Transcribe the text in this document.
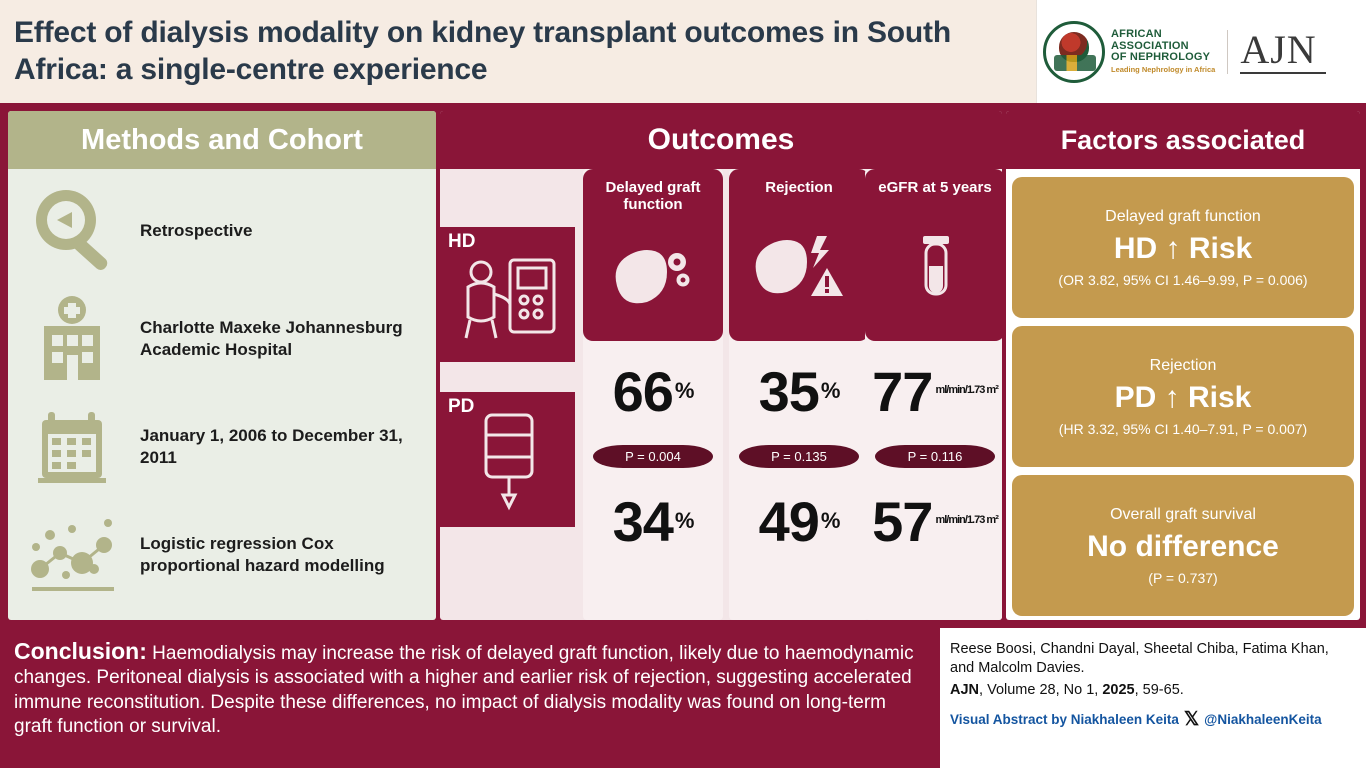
Effect of dialysis modality on kidney transplant outcomes in South Africa: a single-centre experience
AFRICAN
ASSOCIATION
OF NEPHROLOGY
Leading Nephrology in Africa AJN
Methods and Cohort
Retrospective
Charlotte Maxeke Johannesburg Academic Hospital
January 1, 2006 to December 31, 2011
Logistic regression Cox proportional hazard modelling
Outcomes
HD
PD
Delayed graft function
66 %
P = 0.004
34 %
Rejection
35 %
P = 0.135
49 %
eGFR at 5 years
77 ml/min/1.73 m²
P = 0.116
57 ml/min/1.73 m²
Factors associated
Delayed graft function
HD ↑ Risk
(OR 3.82, 95% CI 1.46–9.99, P = 0.006)
Rejection
PD ↑ Risk
(HR 3.32, 95% CI 1.40–7.91, P = 0.007)
Overall graft survival
No difference
(P = 0.737)
Conclusion: Haemodialysis may increase the risk of delayed graft function, likely due to haemodynamic changes. Peritoneal dialysis is associated with a higher and earlier risk of rejection, suggesting accelerated immune reconstitution. Despite these differences, no impact of dialysis modality was found on long-term graft function or survival.
Reese Boosi, Chandni Dayal, Sheetal Chiba, Fatima Khan, and Malcolm Davies.
AJN, Volume 28, No 1, 2025, 59-65.
Visual Abstract by Niakhaleen Keita 𝕏 @NiakhaleenKeita
